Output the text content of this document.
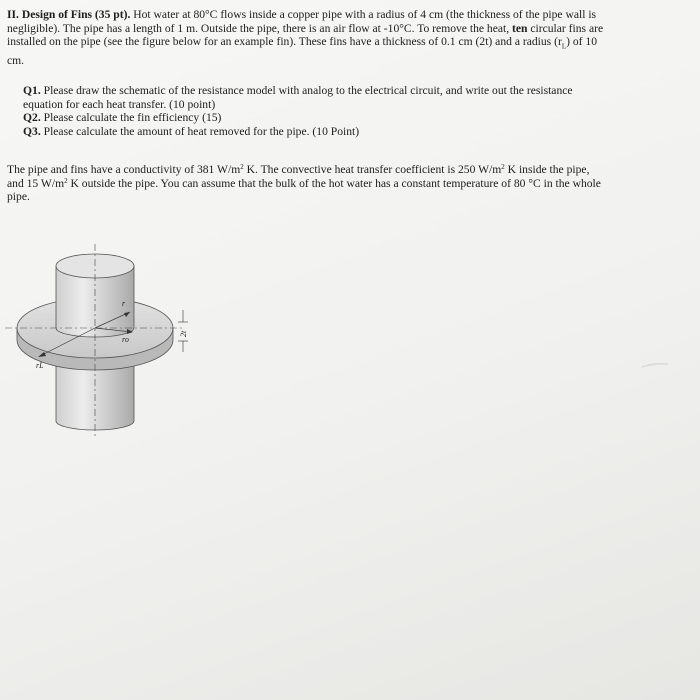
II. Design of Fins (35 pt). Hot water at 80°C flows inside a copper pipe with a radius of 4 cm (the thickness of the pipe wall is negligible). The pipe has a length of 1 m. Outside the pipe, there is an air flow at -10°C. To remove the heat, ten circular fins are installed on the pipe (see the figure below for an example fin). These fins have a thickness of 0.1 cm (2t) and a radius $(r_L)$ of 10 cm.
Q1. Please draw the schematic of the resistance model with analog to the electrical circuit, and write out the resistance equation for each heat transfer. (10 point)
Q2. Please calculate the fin efficiency (15)
Q3. Please calculate the amount of heat removed for the pipe. (10 Point)
The pipe and fins have a conductivity of 381 $W/m^2$ K. The convective heat transfer coefficient is 250 $W/m^2$ K inside the pipe, and 15 $W/m^2$ K outside the pipe. You can assume that the bulk of the hot water has a constant temperature of 80 °C in the whole pipe.
r
ro
rL
2t
